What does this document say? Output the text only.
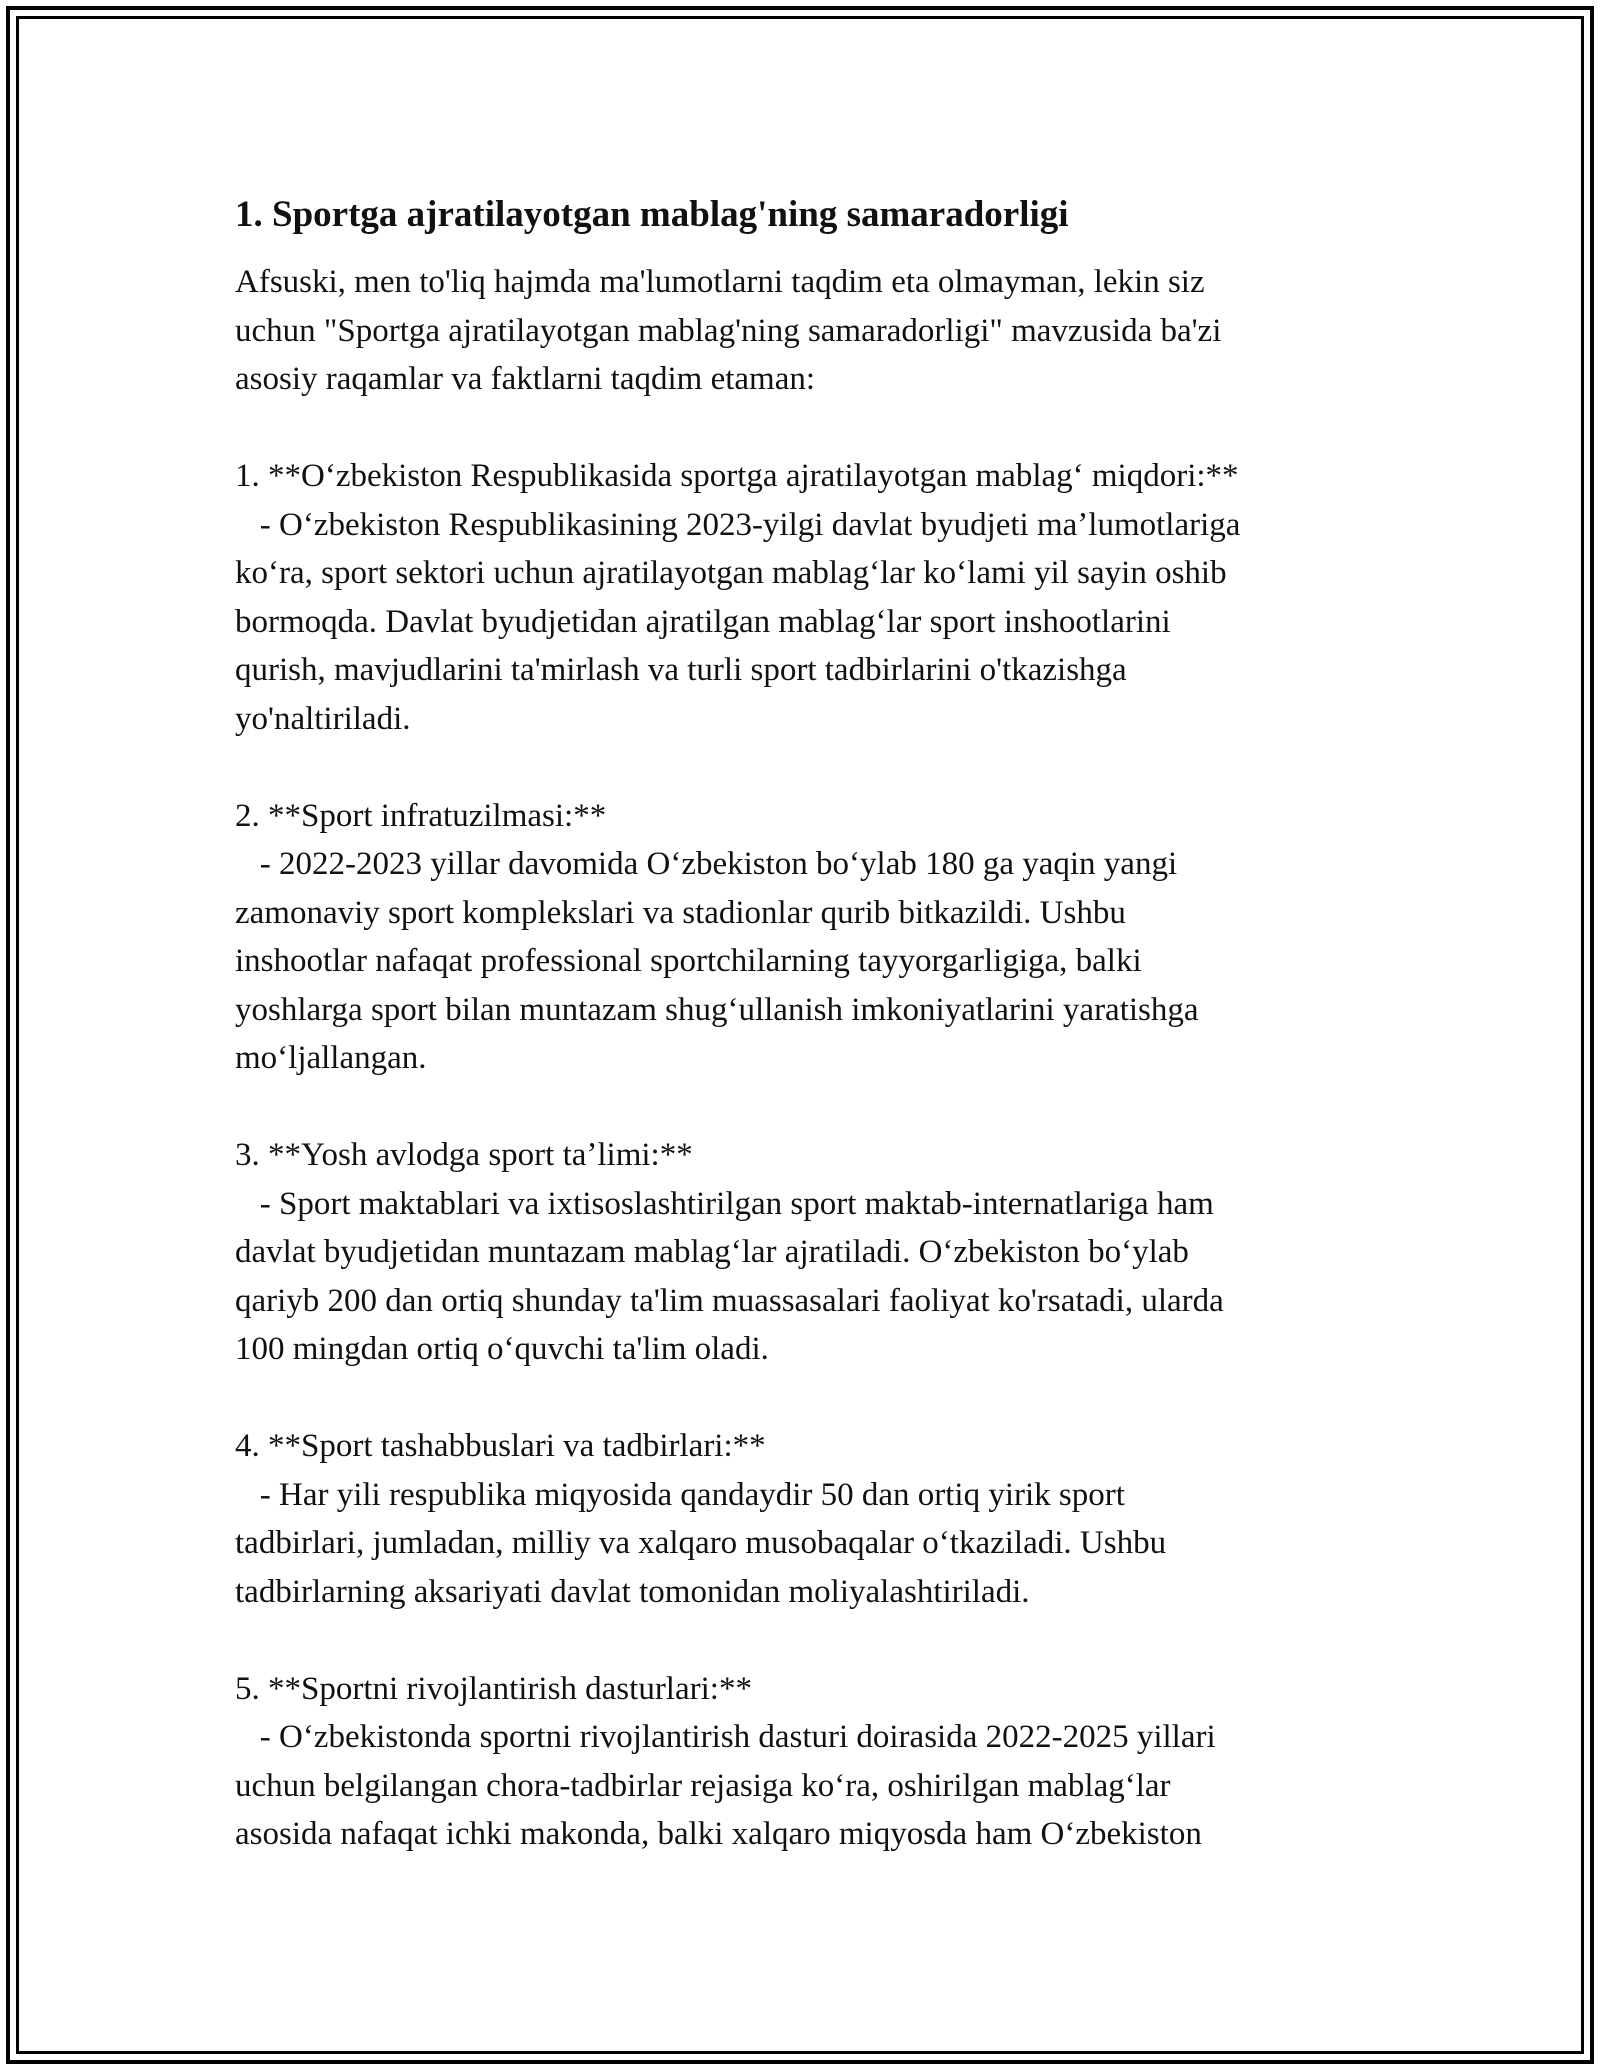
1. Sportga ajratilayotgan mablag'ning samaradorligi

Afsuski, men to'liq hajmda ma'lumotlarni taqdim eta olmayman, lekin siz
uchun "Sportga ajratilayotgan mablag'ning samaradorligi" mavzusida ba'zi
asosiy raqamlar va faktlarni taqdim etaman:

1. **Oʻzbekiston Respublikasida sportga ajratilayotgan mablagʻ miqdori:**

- Oʻzbekiston Respublikasining 2023-yilgi davlat byudjeti maʼlumotlariga
koʻra, sport sektori uchun ajratilayotgan mablagʻlar koʻlami yil sayin oshib
bormoqda. Davlat byudjetidan ajratilgan mablagʻlar sport inshootlarini
qurish, mavjudlarini ta'mirlash va turli sport tadbirlarini o'tkazishga
yo'naltiriladi.

2. **Sport infratuzilmasi:**

- 2022-2023 yillar davomida Oʻzbekiston boʻylab 180 ga yaqin yangi
zamonaviy sport komplekslari va stadionlar qurib bitkazildi. Ushbu
inshootlar nafaqat professional sportchilarning tayyorgarligiga, balki
yoshlarga sport bilan muntazam shugʻullanish imkoniyatlarini yaratishga
moʻljallangan.

3. **Yosh avlodga sport taʼlimi:**

- Sport maktablari va ixtisoslashtirilgan sport maktab-internatlariga ham
davlat byudjetidan muntazam mablagʻlar ajratiladi. Oʻzbekiston boʻylab
qariyb 200 dan ortiq shunday ta'lim muassasalari faoliyat ko'rsatadi, ularda
100 mingdan ortiq oʻquvchi ta'lim oladi.

4. **Sport tashabbuslari va tadbirlari:**

- Har yili respublika miqyosida qandaydir 50 dan ortiq yirik sport
tadbirlari, jumladan, milliy va xalqaro musobaqalar oʻtkaziladi. Ushbu
tadbirlarning aksariyati davlat tomonidan moliyalashtiriladi.

5. **Sportni rivojlantirish dasturlari:**

- Oʻzbekistonda sportni rivojlantirish dasturi doirasida 2022-2025 yillari
uchun belgilangan chora-tadbirlar rejasiga koʻra, oshirilgan mablagʻlar
asosida nafaqat ichki makonda, balki xalqaro miqyosda ham Oʻzbekiston
